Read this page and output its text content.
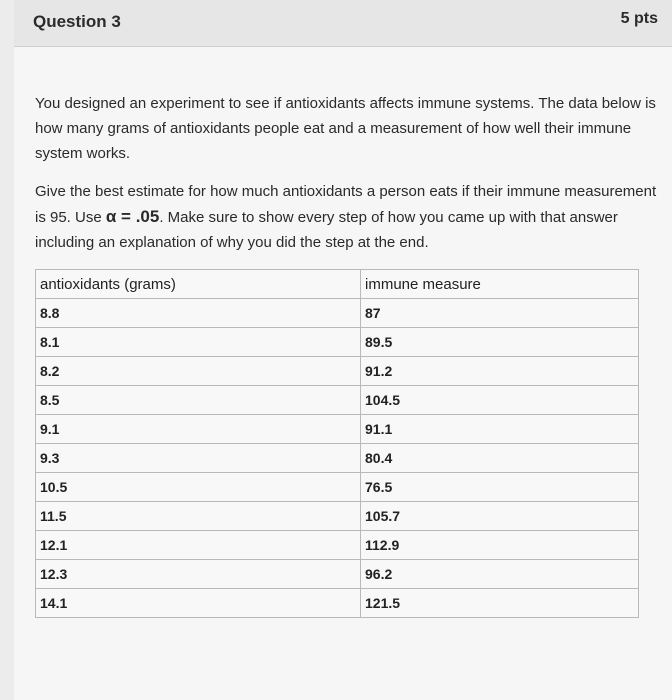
Question 3	5 pts

You designed an experiment to see if antioxidants affects immune systems. The data below is how many grams of antioxidants people eat and a measurement of how well their immune system works.

Give the best estimate for how much antioxidants a person eats if their immune measurement is 95. Use α = .05. Make sure to show every step of how you came up with that answer including an explanation of why you did the step at the end.

antioxidants (grams)	immune measure
8.8	87
8.1	89.5
8.2	91.2
8.5	104.5
9.1	91.1
9.3	80.4
10.5	76.5
11.5	105.7
12.1	112.9
12.3	96.2
14.1	121.5
